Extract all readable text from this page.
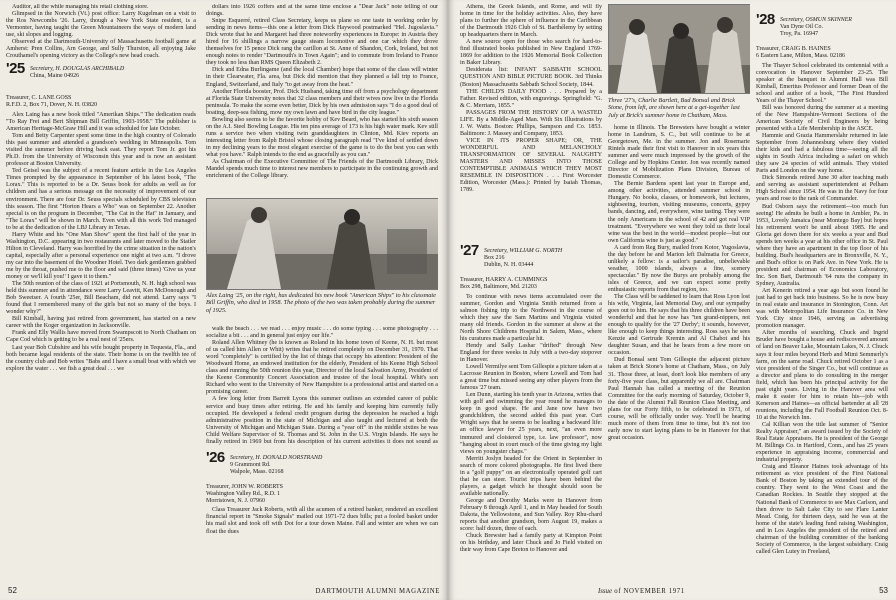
Auditor, all the while managing his retail clothing store.

Glimpsed in the Norwich (Vt.) post office: Larry Kugelman on a visit to the Ros Newcombs '26. Larry, though a New York State resident, is a Vermonter, having taught the Green Mountaineers the ways of modern land use, ski slopes and logging.

Observed at the Dartmouth-University of Massachusetts football game at Amherst: Pren Collins, Arn George, and Sully Thurston, all enjoying Jake Crouthamel's opening victory as the College's new head coach.

'25 Secretary, H. DOUGLAS ARCHIBALD
China, Maine 04926
Treasurer, C. LANE GOSS
R.F.D. 2, Box 71, Dover, N. H. 03820

Alex Laing has a new book titled "Amerikan Ships." The dedication reads "To Ray Frei and Bert Shipman Bill Griffin, 1903-1958." The publisher is American Heritage-McGraw Hill and it was scheduled for late October.

Tom and Betty Carpenter spent some time in the high country of Colorado this past summer and attended a grandson's wedding in Minneapolis. Tom visited the summer before driving back east. They report Tom Jr. got his Ph.D. from the University of Wisconsin this year and is now an assistant professor at Boston University.

Ted Geisel was the subject of a recent feature article in the Los Angeles Times prompted by the appearance in September of his latest book, "The Lorax." This is reported to be a Dr. Seuss book for adults as well as for children and has a serious message on the necessity of improvement of our environment. There are four Dr. Seuss specials scheduled by CBS television this season. The first "Horton Hears a Who" was on September 22. Another special is on the program in December, "The Cat in the Hat" in January, and "The Lorax" will be shown in March. Even with all this work Ted managed to be at the dedication of the LBJ Library in Texas.

Harry White and his "One Man Show" spent the first half of the year in Washington, D.C. appearing in two restaurants and later moved to the Statler Hilton in Cleveland. Harry was horrified by the crime situation in the nation's capital, especially after a personal experience one night at two a.m. "I drove my car into the basement of the Woodner Hotel. Two dark gentlemen grabbed me by the throat, pushed me to the floor and said (three times) 'Give us your money or we'll kill you!' I gave it to them."

The 50th reunion of the class of 1921 at Portsmouth, N. H. high school was held this summer and in attendance were Larry Leavitt, Ken McDonough and Bob Sweetser. A fourth '25er, Bill Beacham, did not attend. Larry says "I found that I remembered many of the girls but not so many of the boys. I wonder why?"

Bill Kimball, having just retired from government, has started on a new career with the Koger organization in Jacksonville.

Frank and Elly Wallis have moved from Swampscott to North Chatham on Cape Cod which is getting to be a real nest of '25ers.

Last year Bob Cubshire and his wife bought property in Tequesta, Fla., and both became legal residents of the state. Their home is on the twelfth tee of the country club and Bob writes "Babs and I have a small boat with which we explore the water . . . we fish a great deal . . . we

dollars into 1926 coffers and at the same time enclose a "Dear Jack" note telling of our doings.

Snipe Esquerré, retired Class Secretary, keeps us plane so one taste in working order by sending in news items—this one a letter from Dick Haywood postmarked "Hel. Jugoslavia." Dick wrote that he and Margaret had three noteworthy experiences in Europe: in Austria they hired for 16 shillings a narrow gauge steam locomotive and one car which they drove themselves for 15 pence Dick rang the carillon at St. Anne of Shandon, Cork, Ireland, but not enough notes to render "Dartmouth's in Town Again"; and to commute from Ireland to France they took no less than RMS Queen Elizabeth 2.

Dick and Edna Burlingame (and the local Chamber) hope that some of the class will winter in their Clearwater, Fla. area, but Dick did mention that they planned a fall trip to France, England, Switzerland, and Italy "to get away from the heat."

Another Florida booster, Prof. Dick Husband, taking time off from a psychology department at Florida State University notes that 32 class members and their wives now live in the Florida peninsula. To make the scene even better, Dick by his own admission says "I do a good deal of boating, deep-sea fishing, mow my own lawn and have bird in the city league."

Bowling also seems to be the favorite hobby of Kev Beard, who has started his sixth season on the A.I. Steel Bowling League. His ten pins average of 173 is his high water mark. Kev still runs a service two when visiting twin granddaughters in Clinton, Md. Kiev reports an interesting letter from Ralph Bristol whose closing paragraph read "I've kind of settled down in my declining years to the most elegant exercise of the game is to do the best you can with what you have." Ralph intends to the end as gracefully as you can."

As Chairman of the Executive Committee of The Friends of the Dartmouth Library, Dick Mandel spends much time to interest new members to participate in the continuing growth and enrichment of the College library.

Alex Laing '25, on the right, has dedicated his new book "American Ships" to his classmate Bill Griffin, who died in 1958. The photo of the two was taken probably during the summer of 1925.

walk the beach . . . we read . . . enjoy music . . . do some typing . . . some photography . . . socialize a bit . . . and in general just enjoy our life."

Roland Allen Whitney (he is known as Roland in his home town of Keene, N. H. but most of us called him Allen or Whit) writes that he retired completely on December 31, 1970. That word "completely" is certified by the list of things that occupy his attention: President of the Woodward Home, an endowed institution for the elderly, President of his Keene High School class and running the 50th reunion this year, Director of the local Salvation Army, President of the Keene Community Concert Association and trustee of the local hospital. Whit's son Richard who went to the University of New Hampshire is a professional artist and started on a promising career.

A few long letter from Barrett Lyons this summer outlines an extended career of public service and busy times after retiring. He and his family and keeping him currently fully occupied. He developed a federal credit program during the depression he reached a high administrative position in the state of Michigan and also taught and lectured at both the University of Michigan and Michigan State. During a "year off" in the middle sixties he was Child Welfare Supervisor of St. Thomas and St. John in the U.S. Virgin Islands. He says he finally retired in 1969 but from his description of his current activities it does not sound as

'26 Secretary, H. DONALD NORSTRAND
9 Grammont Rd.
Walpole, Mass. 02168
Treasurer, JOHN W. ROBERTS
Washington Valley Rd., R.D. 1
Morristown, N. J. 07960

Class Treasurer Jack Roberts, with all the acumen of a retired banker, rendered an excellent financial report in "Smoke Signals" mailed out 1971-72 dues bills; put a fooled basket under his mail slot and took off with Dot for a tour down Maine. Fall and winter are when we can float the dues

52	DARTMOUTH ALUMNI MAGAZINE

Athens, the Greek Islands, and Rome, and will fly home in time for the holiday activities. Also, they have plans to further the sphere of influence in the Caribbean of the Dartmouth 1926 Club of St. Barthélemy by setting up headquarters there in March.

A new source open for those who search for hard-to-find illustrated books published in New England 1769-1869 for addition to the 1926 Memorial Book Collection in Baker Library.

Desiderata list: INFANT SABBATH SCHOOL QUESTION AND BIBLE PICTURE BOOK. 3rd Thinks (Boston) Massachusetts Sabbath School Society, 1844.

THE CHILD'S DAILY FOOD . . . Prepared by a Father. Revised edition, with engravings. Springfield: "G. & C. Merriam, 1855."

PASSAGES FROM THE HISTORY OF A WASTED LIFE. By a Middle-Aged Man. With Six Illustrations by J. W. Watts. Boston: Phillips, Sampson and Co. 1853. Baltimore: J. Massey and Company, 1853.

VICE IN ITS PROPER SHAPE; OR, THE WONDERFUL AND MELANCHOLY TRANSFORMATION OF SEVERAL NAUGHTY MASTERS AND MISSES INTO THOSE CONTEMPTIBLE ANIMALS WHICH THEY MOST RESEMBLE IN DISPOSITION . . . First Worcester Edition, Worcester (Mass.): Printed by Isaiah Thomas, 1789.

'27 Secretary, WILLIAM G. NORTH
Box 216
Dublin, N. H. 03444
Treasurer, HARRY A. CUMMINGS
Box 298, Baltimore, Md. 21203

To continue with news items accumulated over the summer, Gordon and Virginia Smith returned from a salmon fishing trip to the Northwest in the course of which they saw the Sam Martins and Virginia visited many old friends. Gordon in the summer at show at the North Shore Childrens Hospital in Salem, Mass., where his curatures made a particular hit.

Hendy and Sally Lashar "drifted" through New England for three weeks in July with a two-day stopover in Hanover.

Lowell Vermilye sent Tom Gillespie a picture taken at a Lacrosse Reunion in Boston, where Lowell and Tom had a great time but missed seeing any other players from the famous '27 team.

Len Dunn, starting his tenth year in Arizona, writes that with golf and swimming the year round he manages to keep in good shape. He and Jane now have two grandchildren, the second added this past year. Curt Wright says that he seems to be leading a backward life: an office lawyer for 25 years, next, "an even more immured and cloistered type, i.e. law professor", now "hanging about in court much of the time giving my light views on youngster chaps."

Merritt Joslyn headed for the Orient in September in search of more colored photographs. He first lived there in a "golf puppy" on an electronically operated golf cart that he can steer. Tourist trips have been behind the players, a gadget which he thought should soon be available nationally.

George and Dorothy Marks were in Hanover from February 8 through April 1, and in May headed for South Dakota, the Yellowstone, and Sun Valley. Roy Rhu-chard reports that another grandson, born August 19, makes a score: half dozen, three of each.

Chuck Brewster had a family party at Kimpton Point on his birthday, and later Chuck and Jo Field visited on their way from Cape Breton to Hanover and

Three '27's, Charlie Bartlett, Bud Bonsal and Brick Stone, from left, are shown here at a get-together last July at Brick's summer home in Chatham, Mass.

home in Illinois. The Brewsters have bought a winter home in Landrum, S. C., but will continue to be at Georgetown, Me. in the summer. Jon and Rosemarie Rintels made their first visit to Hanover in six years this summer and were much impressed by the growth of the College and by Hopkins Center. Jon was recently named Director of Mobilization Plans Division, Bureau of Domestic Commerce.

The Bernie Bardens spent last year in Europe and, among other activities, attended summer school in Hungary. No books, classes, or homework, but lectures, sightseeing, tourism, visiting museums, concerts, gypsy bands, dancing, and, everywhere, wine tasting. They were the only Americans in the school of 42 and got real VIP treatment. "Everywhere we went they told us their local wine was the best in the world—modest people—but our own California wine is just as good."

A card from Reg Bury, mailed from Kotor, Yugoslavia, the day before he and Marion left Dalmatia for Greece, unlikely a fellow: is a sailor's paradise, unbelievable weather, 1000 islands, always a fine, scenery spectacular." By now the Burys are probably among the isles of Greece, and we can expect some pretty enthusiastic reports from that region, too.

The Class will be saddened to learn that Ross Lyon lost his wife, Virginia, last Memorial Day, and our sympathy goes out to him. He says that his three children have been wonderful and that he now has "ten grand-nippers, not enough to qualify for the '27 Derby'; it sounds, however, like enough to keep things interesting. Ross says he sees Kenzie and Gertrude Kremin and Al Chabot and his daughter Susan, and that he hears from a few more on occasion.

Dud Bonsal sent Tom Gillespie the adjacent picture taken at Brick Stone's home at Chatham, Mass., on July 31. Those three, at least, don't look like members of any forty-five year class, but apparently we all are. Chairman Paul Hannah has called a meeting of the Reunion Committee for the early morning of Saturday, October 9, the date of the Alumni Fall Reunion Class Meeting, and plans for our Forty fifth, to be celebrated in 1973, of course, will be officially under way. You'll be hearing much more of them from time to time, but it's not too early now to start laying plans to be in Hanover for that great occasion.

'28 Secretary, OSMUN SKINNER
Van Dyne Oil Co.
Troy, Pa. 16947
Treasurer, CRAIG B. HAINES
6 Eastern Lane, Milton, Mass. 02186

The Thayer School celebrated its centennial with a convocation in Hanover September 23-25. The speaker at the banquet in Alumni Hall was Bill Kimball, Emeritus Professor and former Dean of the school and author of a book, "The First Hundred Years of the Thayer School."

Bill was honored during the summer at a meeting of the New Hampshire-Vermont Sections of the American Society of Civil Engineers by being presented with a Life Membership in the ASCE.

Hammie and Grazia Hammerslahr returned in late September from Johannesburg where they visited their kids and had a fabulous time—seeing all the sights in South Africa including a safari on which they saw 24 species of wild animals. They visited Paris and London on the way home.

Dick Simonds retired June 30 after teaching math and serving as assistant superintendent at Pelham High School since 1954. He was in the Navy for four years and rose to the rank of Commander.

Bud Osborn says the retirement—too much fun seeing! He admits he built a home in Ambler, Pa. in 1953, Lovely Jamaica (near Montego Bay) but hopes his retirement won't be until about 1985. He and Gloria get down there for six weeks a year and Bud spends ten weeks a year at his other office in St. Paul where they have an apartment in the top floor of his building. Bud's headquarters are in Bronxville, N. Y., and Bud's office is on Park Ave. in New York. He is president and chairman of Economics Laboratory, Inc. Son Bart, Dartmouth '64 runs the company in Sydney, Australia.

Art Kenerin retired a year ago but soon found he just had to get back into business. So he is now busy in real estate and insurance in Stonington, Conn. Art was with Metropolitan Life Insurance Co. in New York City since 1946, serving as advertising promotion manager.

After months of searching, Chuck and Ingrid Bruder have bought a house and rediscovered amount of land on Beaver Lake, Mountain Lakes, N. J. Chuck says it four miles beyond Herb and Mimi Semmerly's farm, on the same road. Chuck retired October 1 as a vice president of the Singer Co., but will continue as a director and plans to do consulting in the merger field, which has been his principal activity for the past eight years. Living in the Hanover area will make it easier for him to retain his—job with Kenerson and Haines—as official bartender at all '28 reunions, including the Fall Football Reunion Oct. 8-10 at the Norwich Inn.

Cal Killian won the title last summer of "Senior Realty Appraiser," an award issued by the Society of Real Estate Appraisers. He is president of the George M. Billings Co. in Hartford, Conn., and has 25 years experience in appraising income, commercial and industrial property.

Craig and Eleanor Haines took advantage of his retirement as vice president of the First National Bank of Boston by taking an extended tour of the country. They went to the West Coast and the Canadian Rockies. In Seattle they stopped at the National Bank of Commerce to see Max Carlson, and then drove to Salt Lake City to see Flare Lanter Mead. Craig, for thirteen days, said he was at the home of the state's leading fund raising Washington, and in Los Angeles the president of the retired and chairman of the building committee of the banking Society of Commerce, is the largest subsidiary. Craig called Glen Lutey in Freeland,

Issue of NOVEMBER 1971	53
